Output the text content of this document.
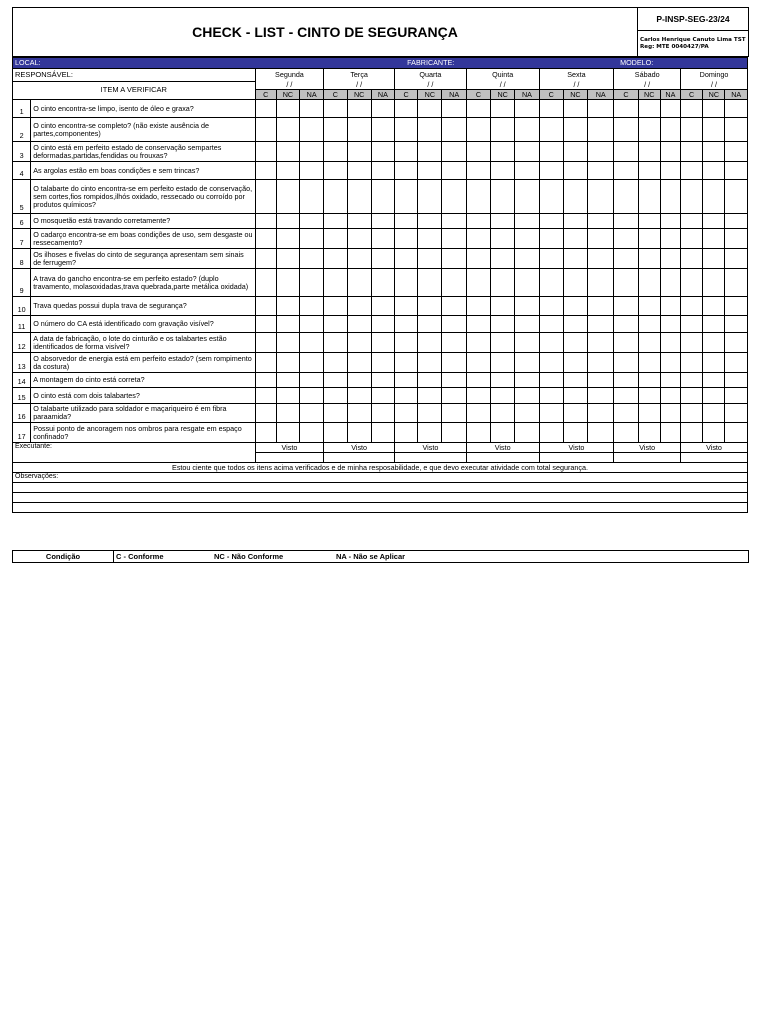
CHECK - LIST - CINTO DE SEGURANÇA	P-INSP-SEG-23/24

Carlos Henrique Canuto Lima TST
Reg: MTE 0040427/PA
LOCAL:		FABRICANTE:									MODELO:											
RESPONSÁVEL:		Segunda			Terça			Quarta			Quinta			Sexta			Sábado			Domingo		
ITEM A VERIFICAR		/ /			/ /			/ /			/ /			/ /			/ /			/ /		
		C	NC	NA	C	NC	NA	C	NC	NA	C	NC	NA	C	NC	NA	C	NC	NA	C	NC	NA
1	O cinto encontra-se limpo, isento de óleo e graxa?																					
2	O cinto encontra-se completo? (não existe ausência de partes,componentes)																					
3	O cinto está em perfeito estado de conservação sempartes deformadas,partidas,fendidas ou frouxas?																					
4	As argolas estão em boas condições e sem trincas?																					
5	O talabarte do cinto encontra-se em perfeito estado de conservação, sem cortes,fios rompidos,ilhós oxidado, ressecado ou corroído por produtos químicos?																					
6	O mosquetão está travando corretamente?																					
7	O cadarço encontra-se em boas condições de uso, sem desgaste ou ressecamento?																					
8	Os ilhoses e fivelas do cinto de segurança apresentam sem sinais de ferrugem?																					
9	A trava do gancho encontra-se em perfeito estado? (duplo travamento, molasoxidadas,trava quebrada,parte metálica oxidada)																					
10	Trava quedas possui dupla trava de segurança?																					
11	O número do CA está identificado com gravação visível?																					
12	A data de fabricação, o lote do cinturão e os talabartes estão identificados de forma visível?																					
13	O absorvedor de energia está em perfeito estado? (sem rompimento da costura)																					
14	A montagem do cinto está correta?																					
15	O cinto está com dois talabartes?																					
16	O talabarte utilizado para soldador e maçariqueiro é em fibra paraamida?																					
17	Possui ponto de ancoragem nos ombros para resgate em espaço confinado?																					
Executante:		Visto			Visto			Visto			Visto			Visto			Visto			Visto		

Estou ciente que todos os itens acima verificados e de minha resposabilidade, e que devo executar atividade com total segurança.																						
Observações:																						

Condição	C - Conforme	NC - Não Conforme	NA - Não se Aplicar
